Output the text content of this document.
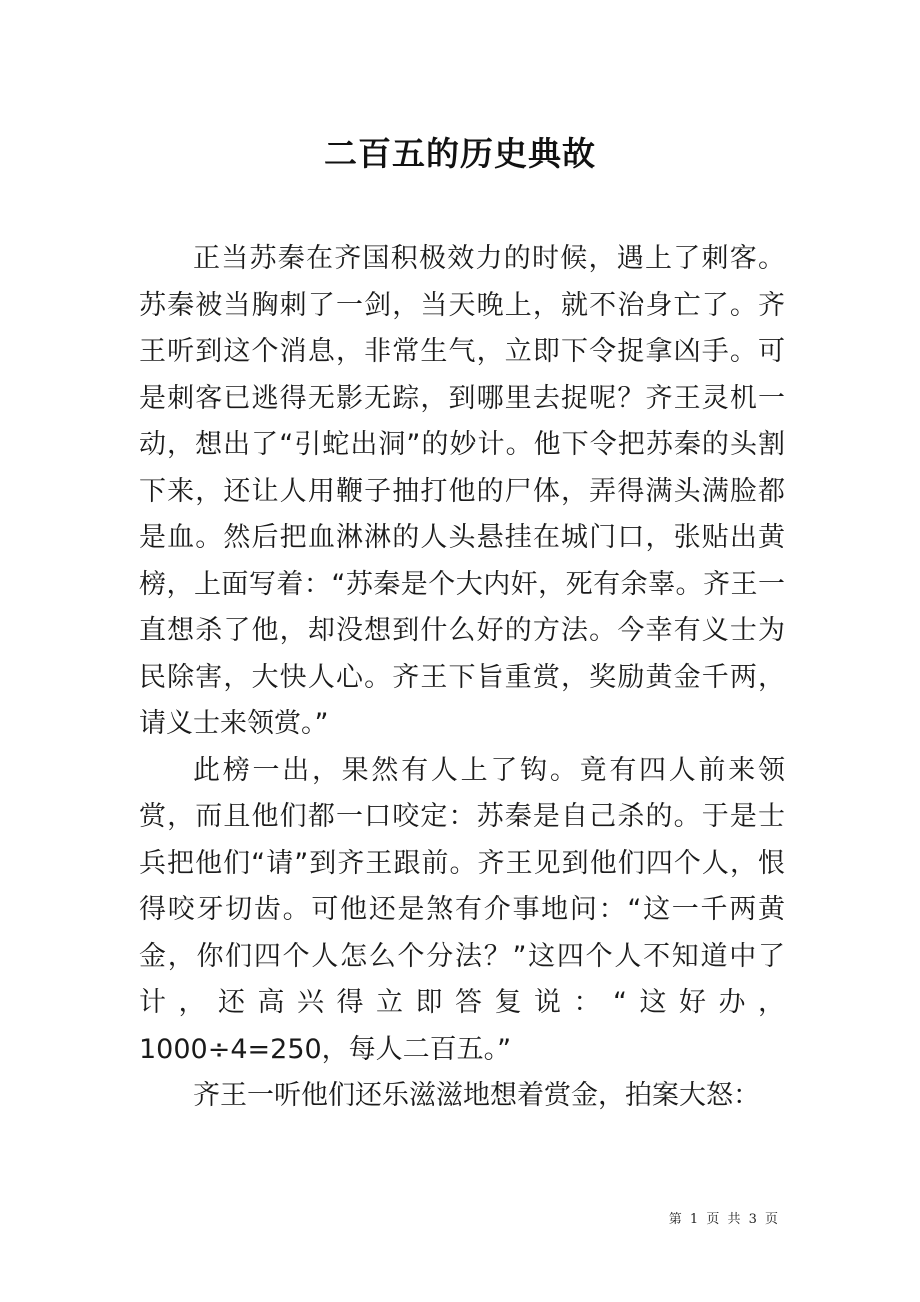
二百五的历史典故

正当苏秦在齐国积极效力的时候，遇上了刺客。苏秦被当胸刺了一剑，当天晚上，就不治身亡了。齐王听到这个消息，非常生气，立即下令捉拿凶手。可是刺客已逃得无影无踪，到哪里去捉呢？齐王灵机一动，想出了“引蛇出洞”的妙计。他下令把苏秦的头割下来，还让人用鞭子抽打他的尸体，弄得满头满脸都是血。然后把血淋淋的人头悬挂在城门口，张贴出黄榜，上面写着：“苏秦是个大内奸，死有余辜。齐王一直想杀了他，却没想到什么好的方法。今幸有义士为民除害，大快人心。齐王下旨重赏，奖励黄金千两，请义士来领赏。”

此榜一出，果然有人上了钩。竟有四人前来领赏，而且他们都一口咬定：苏秦是自己杀的。于是士兵把他们“请”到齐王跟前。齐王见到他们四个人，恨得咬牙切齿。可他还是煞有介事地问：“这一千两黄金，你们四个人怎么个分法？”这四个人不知道中了计，还高兴得立即答复说：“这好办，1000÷4=250，每人二百五。”

齐王一听他们还乐滋滋地想着赏金，拍案大怒：

第 1 页 共 3 页
